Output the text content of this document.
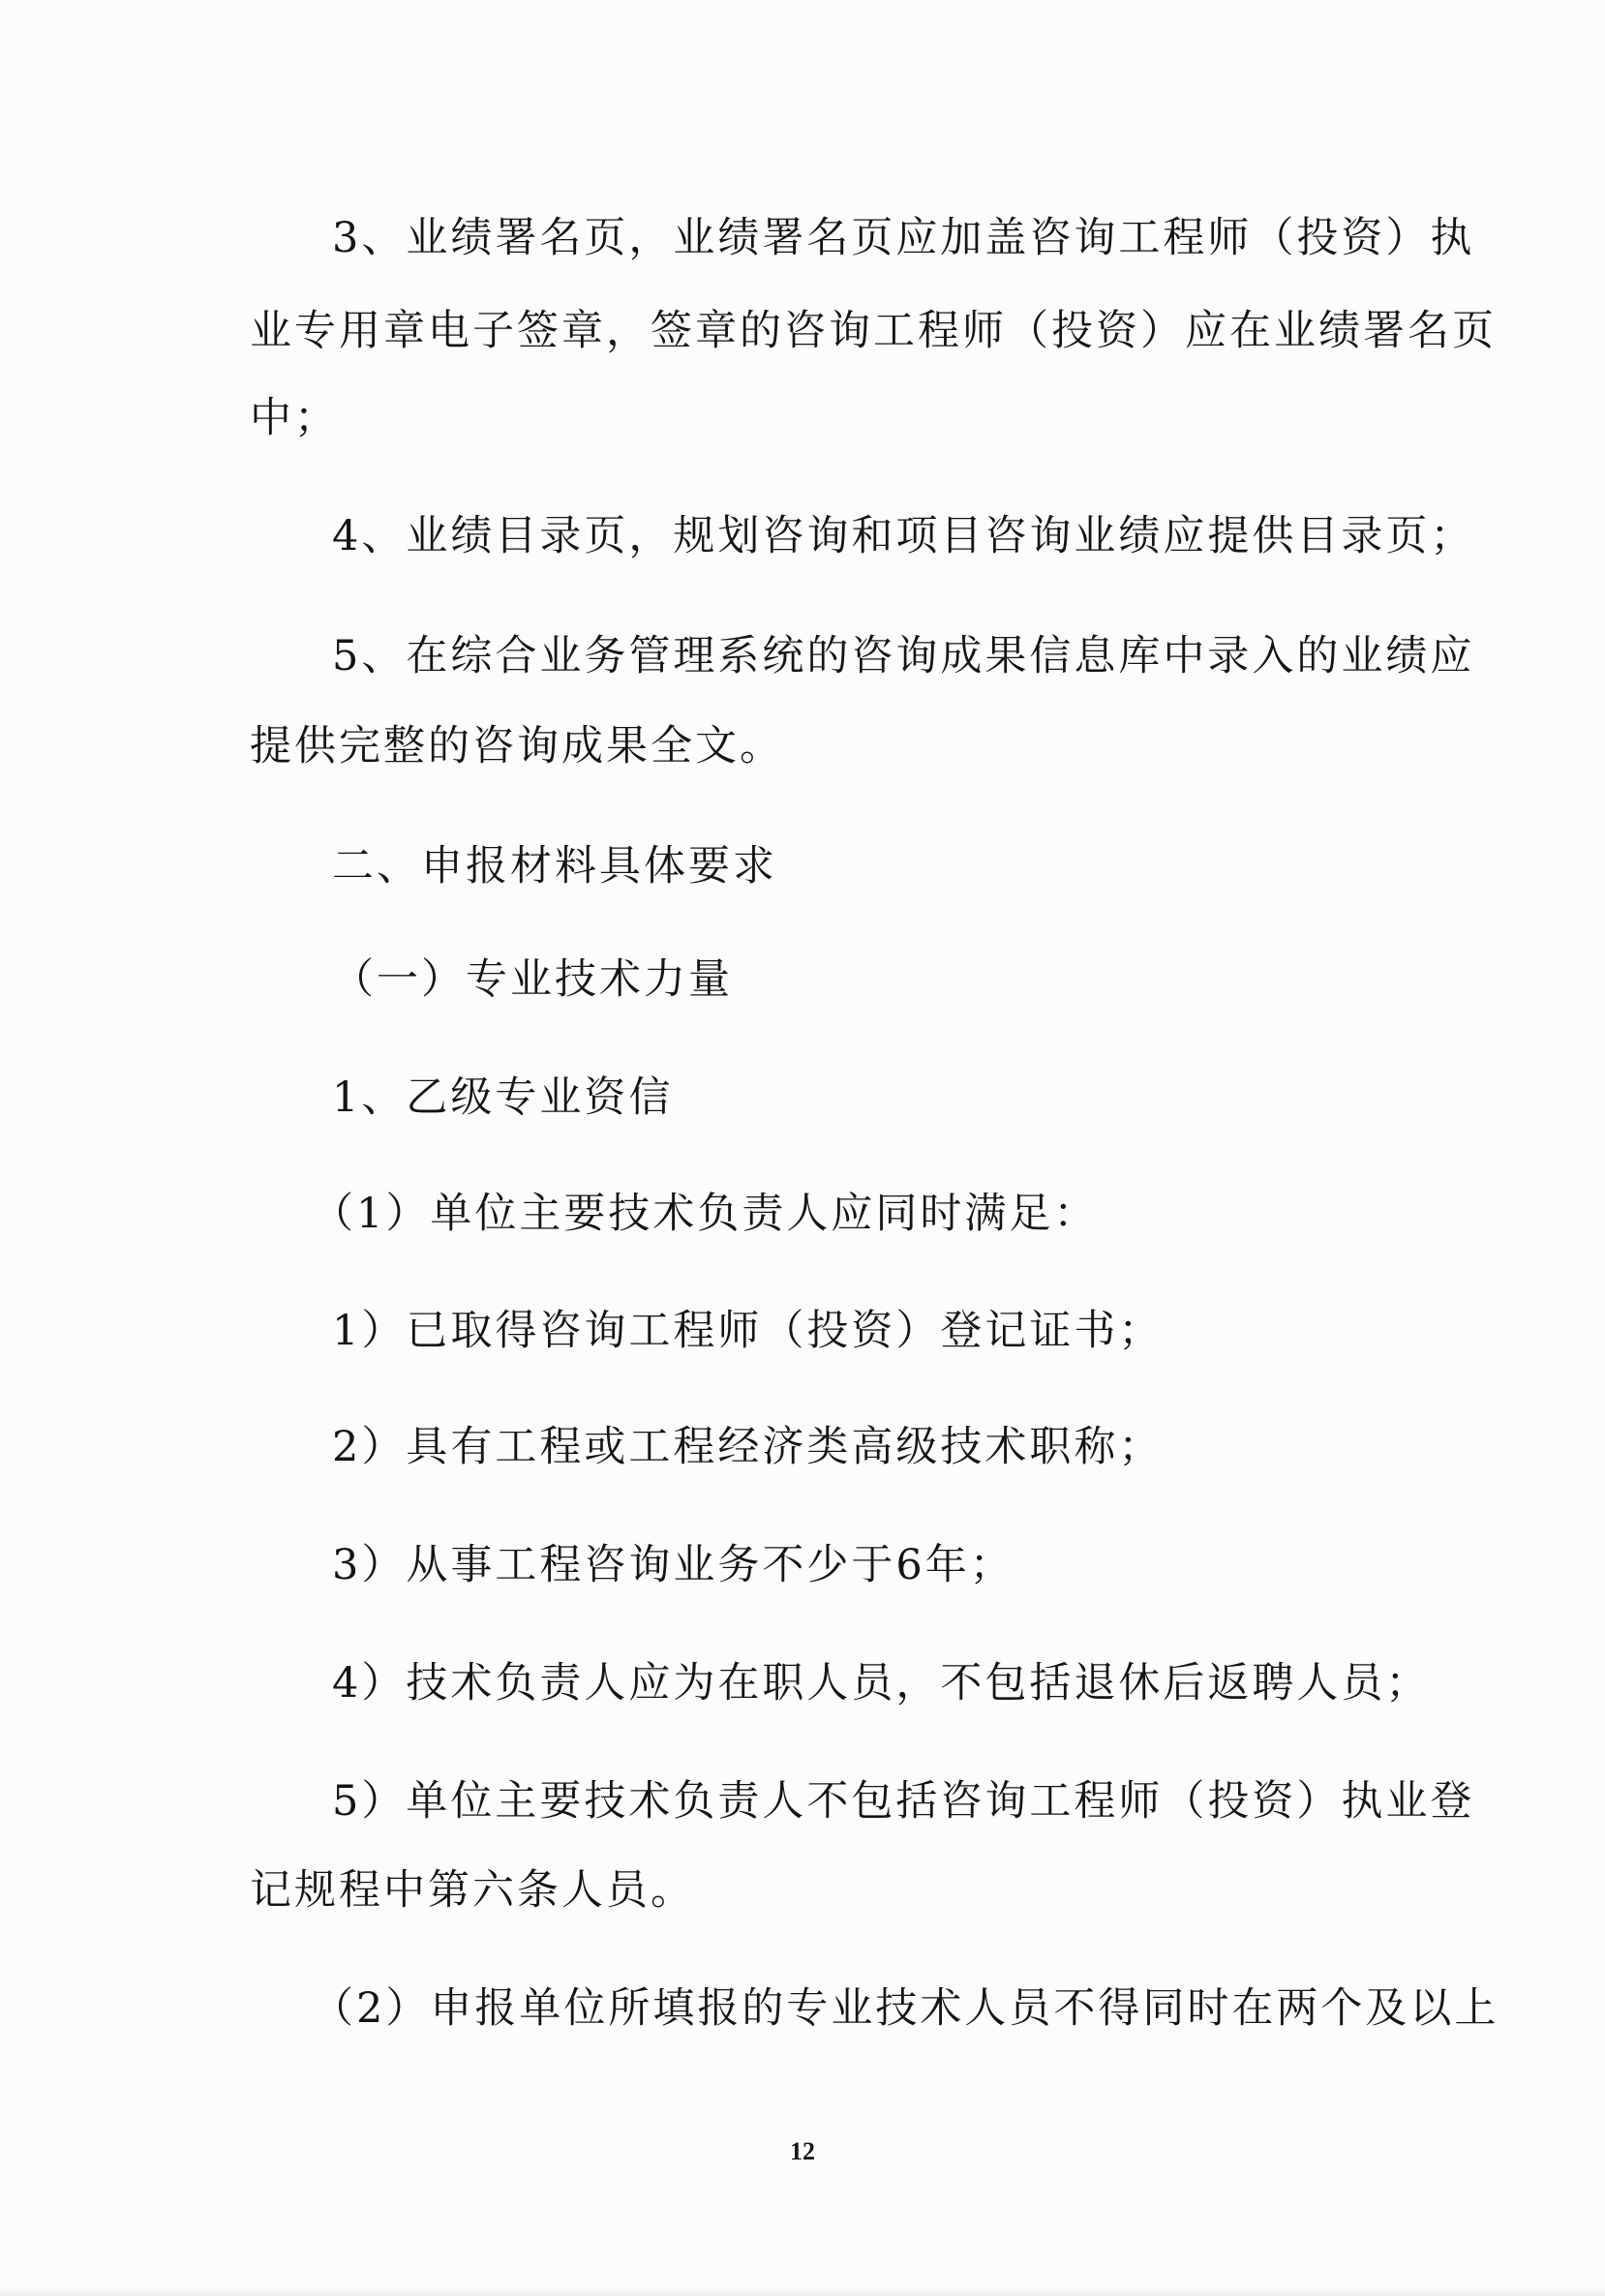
3、业绩署名页，业绩署名页应加盖咨询工程师（投资）执
业专用章电子签章，签章的咨询工程师（投资）应在业绩署名页
中；
4、业绩目录页，规划咨询和项目咨询业绩应提供目录页；
5、在综合业务管理系统的咨询成果信息库中录入的业绩应
提供完整的咨询成果全文。
二、申报材料具体要求
（一）专业技术力量
1、乙级专业资信
（1）单位主要技术负责人应同时满足：
1）已取得咨询工程师（投资）登记证书；
2）具有工程或工程经济类高级技术职称；
3）从事工程咨询业务不少于6年；
4）技术负责人应为在职人员，不包括退休后返聘人员；
5）单位主要技术负责人不包括咨询工程师（投资）执业登
记规程中第六条人员。
（2）申报单位所填报的专业技术人员不得同时在两个及以上
12
